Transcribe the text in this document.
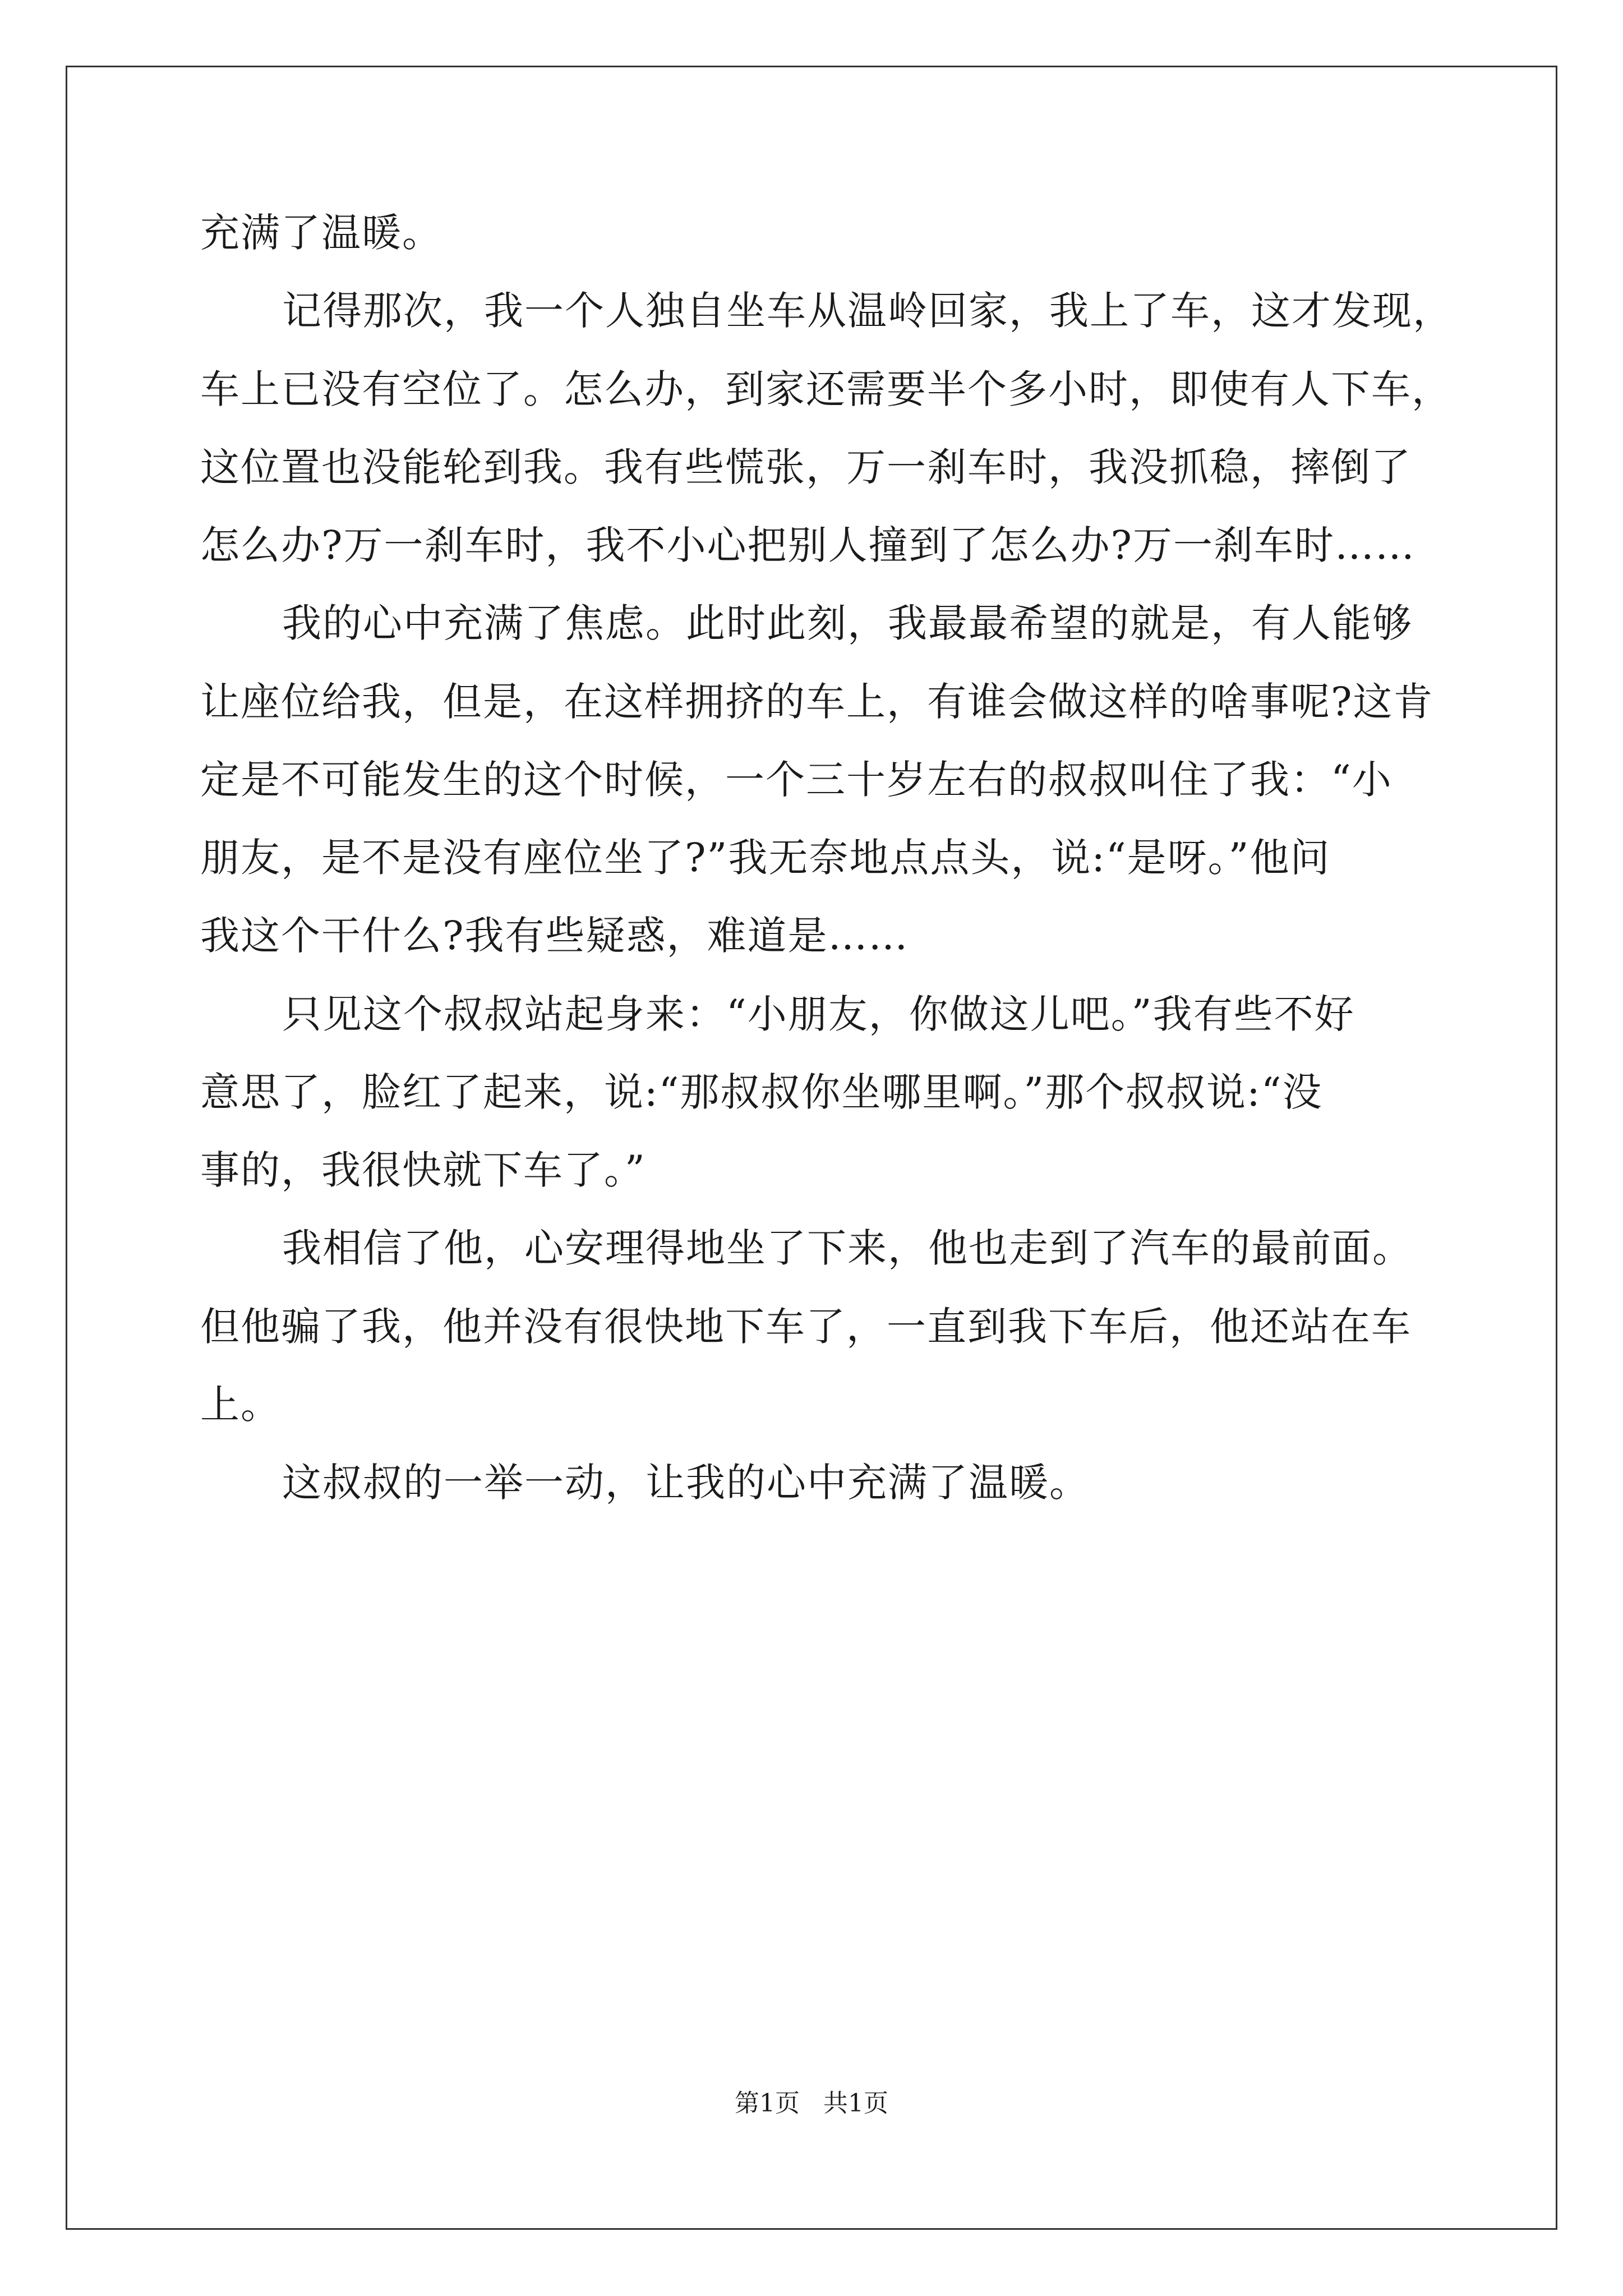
充满了温暖。
记得那次，我一个人独自坐车从温岭回家，我上了车，这才发现，
车上已没有空位了。怎么办，到家还需要半个多小时，即使有人下车，
这位置也没能轮到我。我有些慌张，万一刹车时，我没抓稳，摔倒了
怎么办?万一刹车时，我不小心把别人撞到了怎么办?万一刹车时……
我的心中充满了焦虑。此时此刻，我最最希望的就是，有人能够
让座位给我，但是，在这样拥挤的车上，有谁会做这样的啥事呢?这肯
定是不可能发生的这个时候，一个三十岁左右的叔叔叫住了我：“小
朋友，是不是没有座位坐了?”我无奈地点点头，说:“是呀。”他问
我这个干什么?我有些疑惑，难道是……
只见这个叔叔站起身来：“小朋友，你做这儿吧。”我有些不好
意思了，脸红了起来，说:“那叔叔你坐哪里啊。”那个叔叔说:“没
事的，我很快就下车了。”
我相信了他，心安理得地坐了下来，他也走到了汽车的最前面。
但他骗了我，他并没有很快地下车了，一直到我下车后，他还站在车
上。
这叔叔的一举一动，让我的心中充满了温暖。
第1页   共1页
